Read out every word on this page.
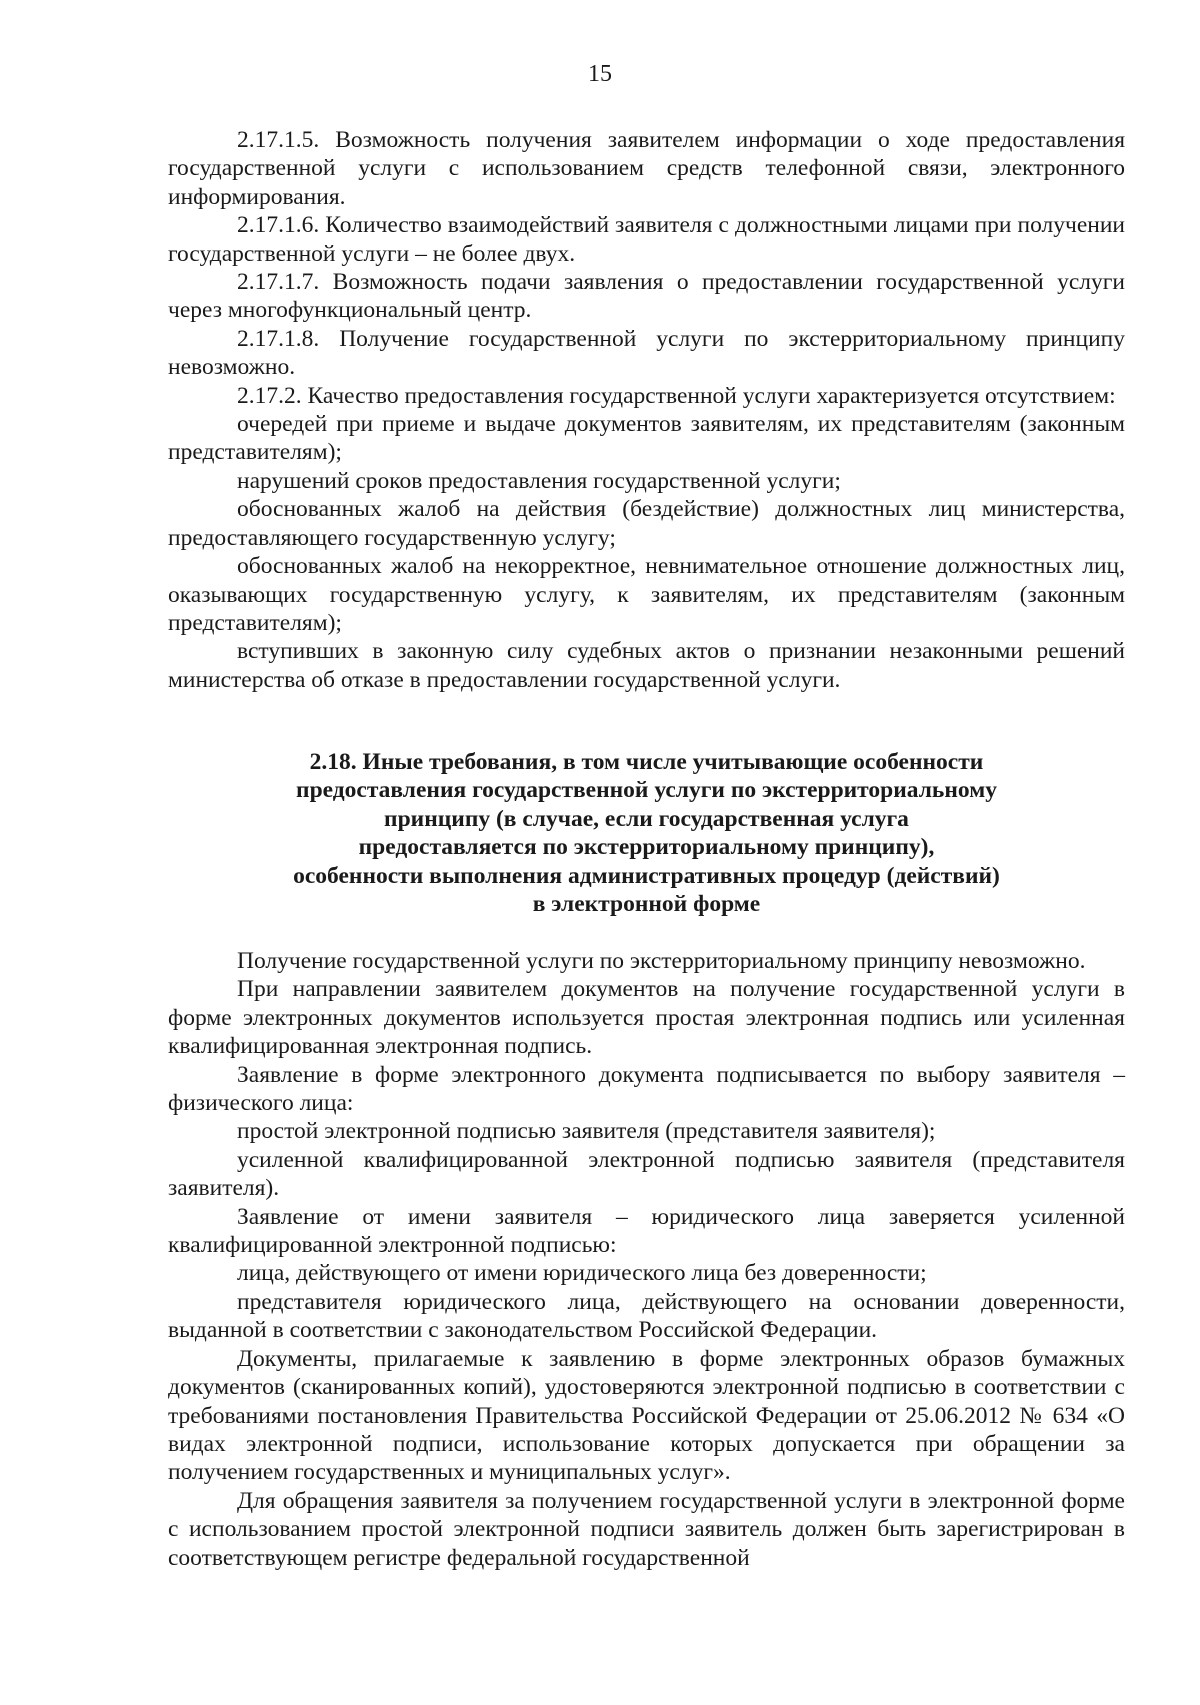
15

2.17.1.5. Возможность получения заявителем информации о ходе предоставления государственной услуги с использованием средств телефонной связи, электронного информирования.

2.17.1.6. Количество взаимодействий заявителя с должностными лицами при получении государственной услуги – не более двух.

2.17.1.7. Возможность подачи заявления о предоставлении государственной услуги через многофункциональный центр.

2.17.1.8. Получение государственной услуги по экстерриториальному принципу невозможно.

2.17.2. Качество предоставления государственной услуги характеризуется отсутствием:

очередей при приеме и выдаче документов заявителям, их представителям (законным представителям);

нарушений сроков предоставления государственной услуги;

обоснованных жалоб на действия (бездействие) должностных лиц министерства, предоставляющего государственную услугу;

обоснованных жалоб на некорректное, невнимательное отношение должностных лиц, оказывающих государственную услугу, к заявителям, их представителям (законным представителям);

вступивших в законную силу судебных актов о признании незаконными решений министерства об отказе в предоставлении государственной услуги.

2.18. Иные требования, в том числе учитывающие особенности
предоставления государственной услуги по экстерриториальному
принципу (в случае, если государственная услуга
предоставляется по экстерриториальному принципу),
особенности выполнения административных процедур (действий)
в электронной форме

Получение государственной услуги по экстерриториальному принципу невозможно.

При направлении заявителем документов на получение государственной услуги в форме электронных документов используется простая электронная подпись или усиленная квалифицированная электронная подпись.

Заявление в форме электронного документа подписывается по выбору заявителя – физического лица:

простой электронной подписью заявителя (представителя заявителя);

усиленной квалифицированной электронной подписью заявителя (представителя заявителя).

Заявление от имени заявителя – юридического лица заверяется усиленной квалифицированной электронной подписью:

лица, действующего от имени юридического лица без доверенности;

представителя юридического лица, действующего на основании доверенности, выданной в соответствии с законодательством Российской Федерации.

Документы, прилагаемые к заявлению в форме электронных образов бумажных документов (сканированных копий), удостоверяются электронной подписью в соответствии с требованиями постановления Правительства Российской Федерации от 25.06.2012 № 634 «О видах электронной подписи, использование которых допускается при обращении за получением государственных и муниципальных услуг».

Для обращения заявителя за получением государственной услуги в электронной форме с использованием простой электронной подписи заявитель должен быть зарегистрирован в соответствующем регистре федеральной государственной
